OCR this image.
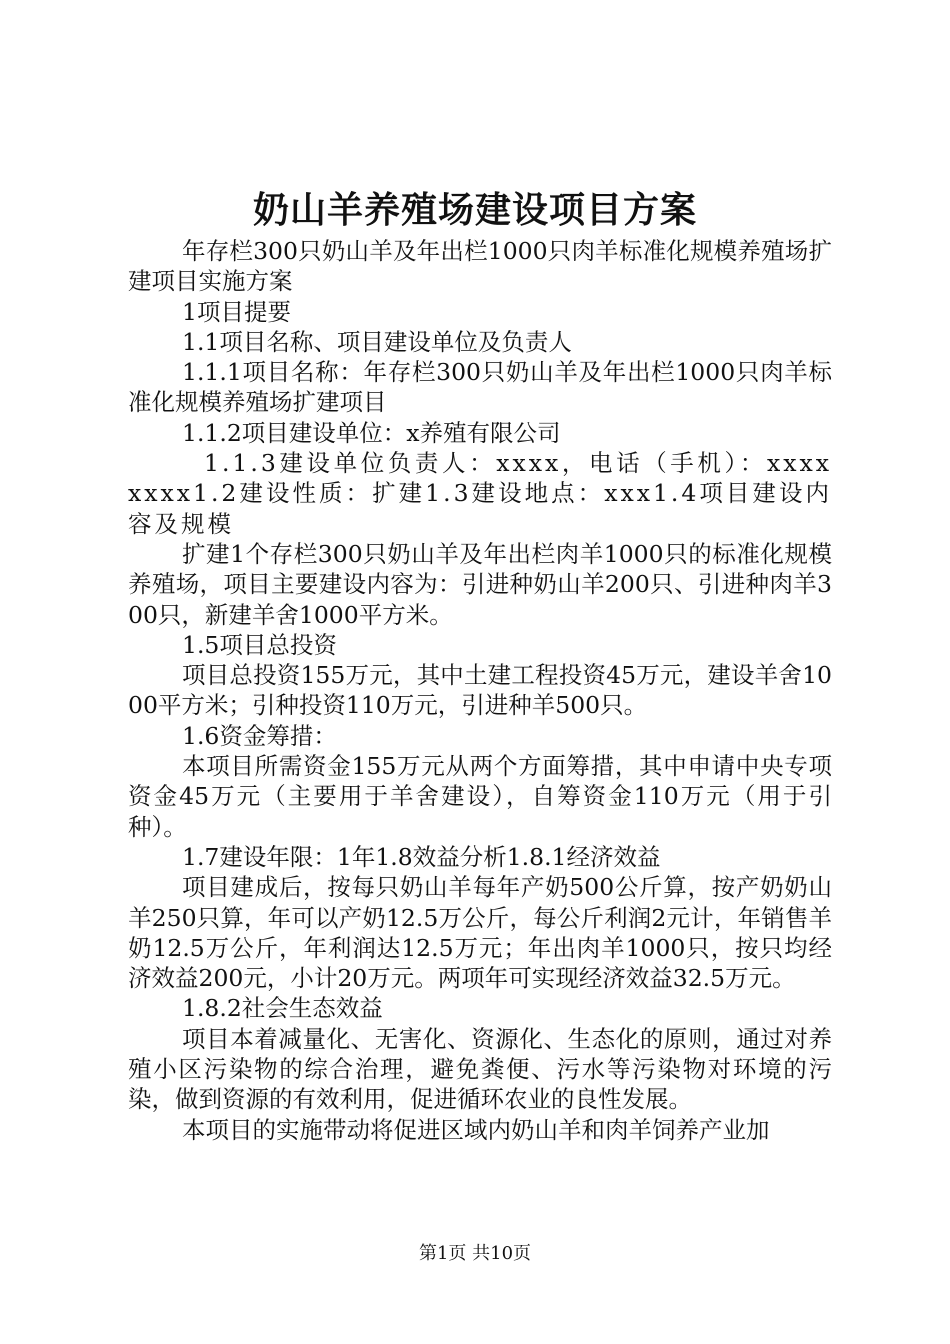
奶山羊养殖场建设项目方案

年存栏300只奶山羊及年出栏1000只肉羊标准化规模养殖场扩建项目实施方案

1项目提要

1.1项目名称、项目建设单位及负责人

1.1.1项目名称：年存栏300只奶山羊及年出栏1000只肉羊标准化规模养殖场扩建项目

1.1.2项目建设单位：x养殖有限公司

1.1.3建设单位负责人：xxxx，电话（手机）：xxxxxxxx1.2建设性质：扩建1.3建设地点：xxx1.4项目建设内容及规模

扩建1个存栏300只奶山羊及年出栏肉羊1000只的标准化规模养殖场，项目主要建设内容为：引进种奶山羊200只、引进种肉羊300只，新建羊舍1000平方米。

1.5项目总投资

项目总投资155万元，其中土建工程投资45万元，建设羊舍1000平方米；引种投资110万元，引进种羊500只。

1.6资金筹措：

本项目所需资金155万元从两个方面筹措，其中申请中央专项资金45万元（主要用于羊舍建设），自筹资金110万元（用于引种）。

1.7建设年限：1年1.8效益分析1.8.1经济效益

项目建成后，按每只奶山羊每年产奶500公斤算，按产奶奶山羊250只算，年可以产奶12.5万公斤，每公斤利润2元计，年销售羊奶12.5万公斤，年利润达12.5万元；年出肉羊1000只，按只均经济效益200元，小计20万元。两项年可实现经济效益32.5万元。

1.8.2社会生态效益

项目本着减量化、无害化、资源化、生态化的原则，通过对养殖小区污染物的综合治理，避免粪便、污水等污染物对环境的污染，做到资源的有效利用，促进循环农业的良性发展。

本项目的实施带动将促进区域内奶山羊和肉羊饲养产业加

第1页 共10页
